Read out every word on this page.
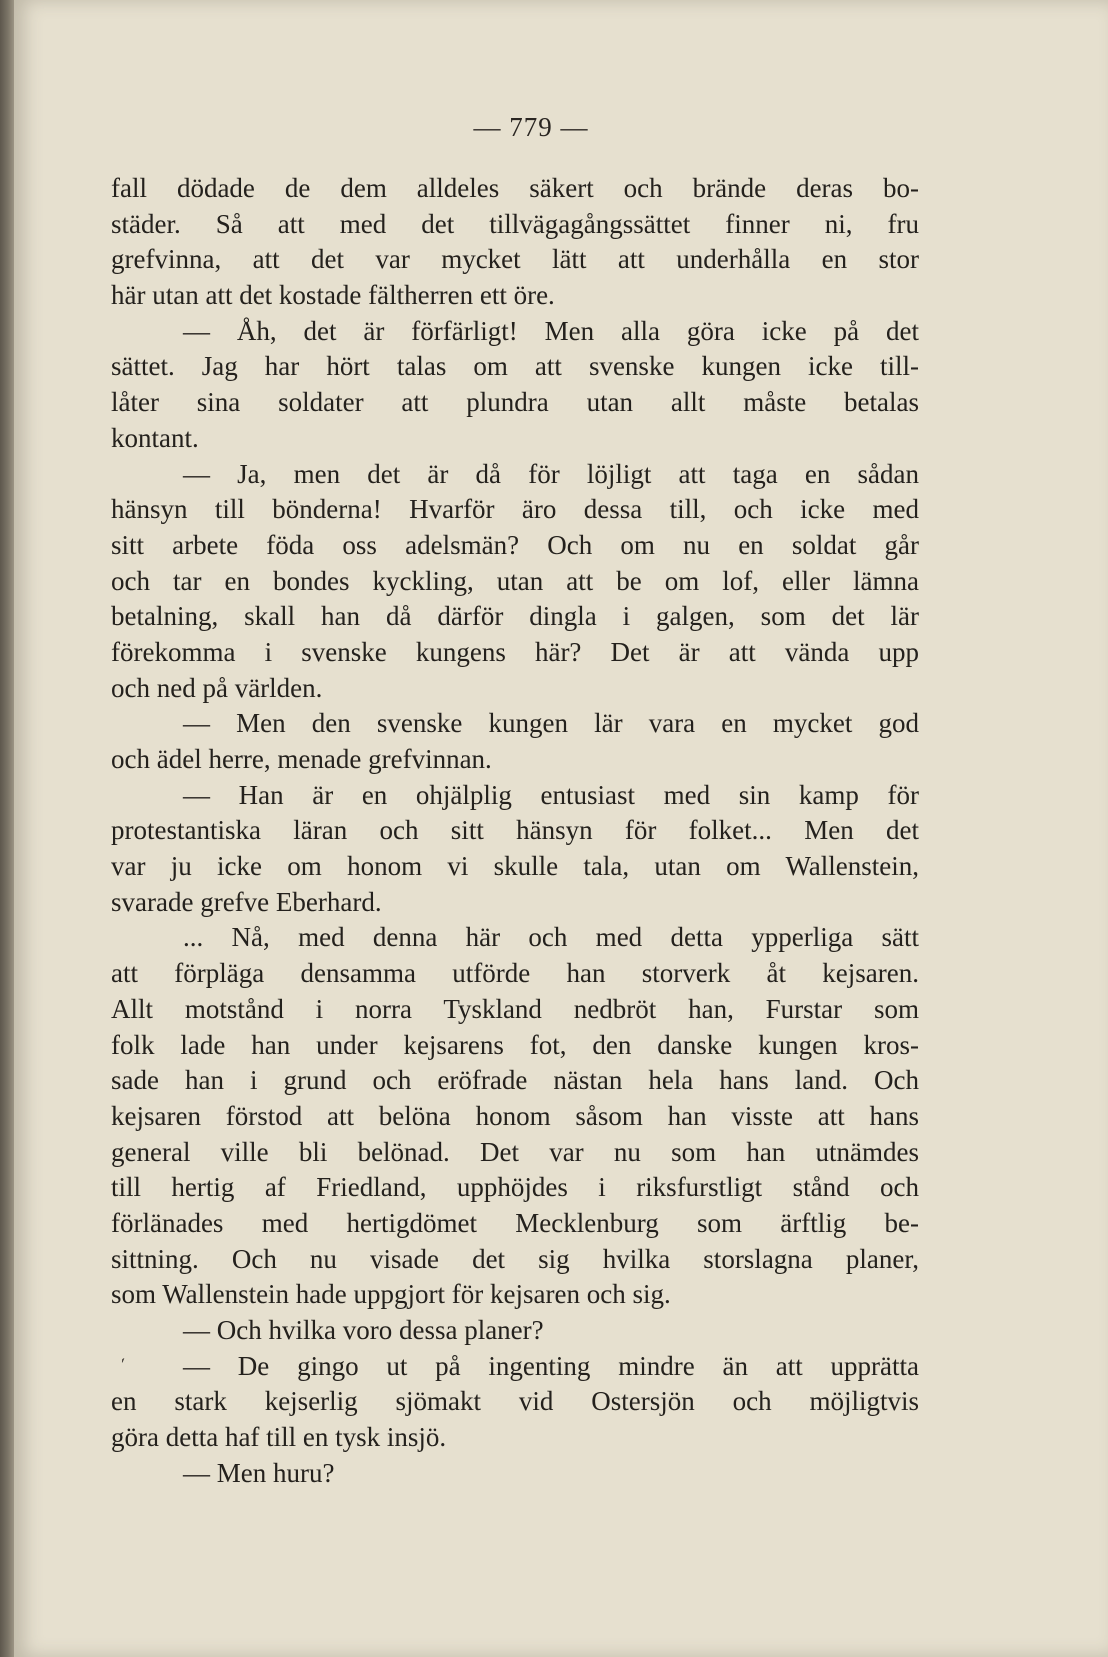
— 779 —
ˊ
fall dödade de dem alldeles säkert och brände deras bo-
städer. Så att med det tillvägagångssättet finner ni, fru
grefvinna, att det var mycket lätt att underhålla en stor
här utan att det kostade fältherren ett öre.
— Åh, det är förfärligt! Men alla göra icke på det
sättet. Jag har hört talas om att svenske kungen icke till-
låter sina soldater att plundra utan allt måste betalas
kontant.
— Ja, men det är då för löjligt att taga en sådan
hänsyn till bönderna! Hvarför äro dessa till, och icke med
sitt arbete föda oss adelsmän? Och om nu en soldat går
och tar en bondes kyckling, utan att be om lof, eller lämna
betalning, skall han då därför dingla i galgen, som det lär
förekomma i svenske kungens här? Det är att vända upp
och ned på världen.
— Men den svenske kungen lär vara en mycket god
och ädel herre, menade grefvinnan.
— Han är en ohjälplig entusiast med sin kamp för
protestantiska läran och sitt hänsyn för folket... Men det
var ju icke om honom vi skulle tala, utan om Wallenstein,
svarade grefve Eberhard.
... Nå, med denna här och med detta ypperliga sätt
att förpläga densamma utförde han storverk åt kejsaren.
Allt motstånd i norra Tyskland nedbröt han, Furstar som
folk lade han under kejsarens fot, den danske kungen kros-
sade han i grund och eröfrade nästan hela hans land. Och
kejsaren förstod att belöna honom såsom han visste att hans
general ville bli belönad. Det var nu som han utnämdes
till hertig af Friedland, upphöjdes i riksfurstligt stånd och
förlänades med hertigdömet Mecklenburg som ärftlig be-
sittning. Och nu visade det sig hvilka storslagna planer,
som Wallenstein hade uppgjort för kejsaren och sig.
— Och hvilka voro dessa planer?
— De gingo ut på ingenting mindre än att upprätta
en stark kejserlig sjömakt vid Ostersjön och möjligtvis
göra detta haf till en tysk insjö.
— Men huru?
